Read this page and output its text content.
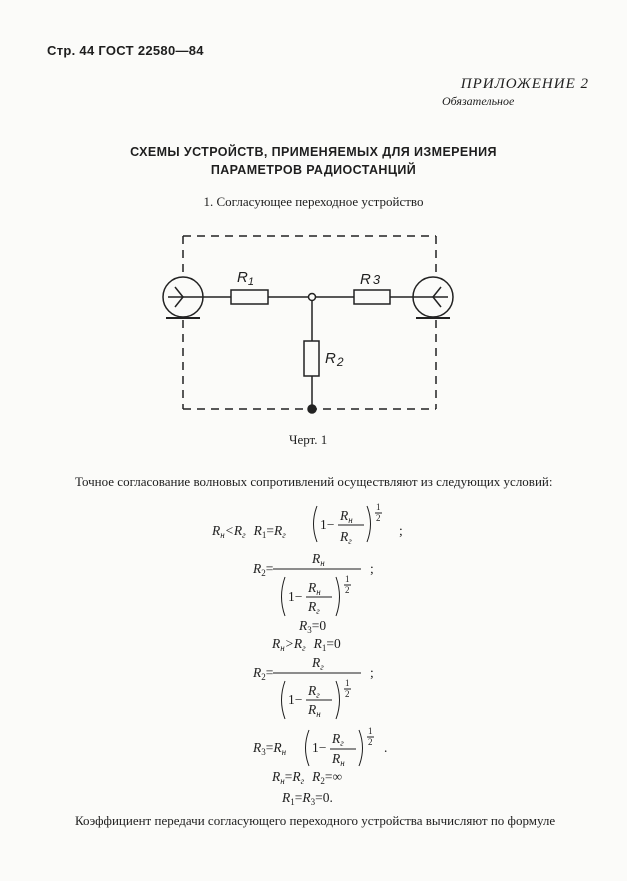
Стр. 44 ГОСТ 22580—84
ПРИЛОЖЕНИЕ 2
Обязательное
СХЕМЫ УСТРОЙСТВ, ПРИМЕНЯЕМЫХ ДЛЯ ИЗМЕРЕНИЯ
ПАРАМЕТРОВ РАДИОСТАНЦИЙ
1. Согласующее переходное устройство
$R_1$	R 3
$R_2$
Черт. 1
Точное согласование волновых сопротивлений осуществляют из следующих условий:
$R_н<R_г$ $R_1=R_г$
1−
$R_н$
$R_г$
1
2
;
$R_2=$
$R_н$
1−
$R_н$
$R_г$
1
2
;
$R_3=0$
$R_н>R_г$ $R_1=0$
$R_2=$
$R_г$
1−
$R_г$
$R_н$
1
2
;
$R_3=R_н$ 1−
$R_г$
$R_н$
1
2 .
$R_н=R_г$ $R_2=\infty$
$R_1=R_3=0$.
Коэффициент передачи согласующего переходного устройства вычисляют по формуле
